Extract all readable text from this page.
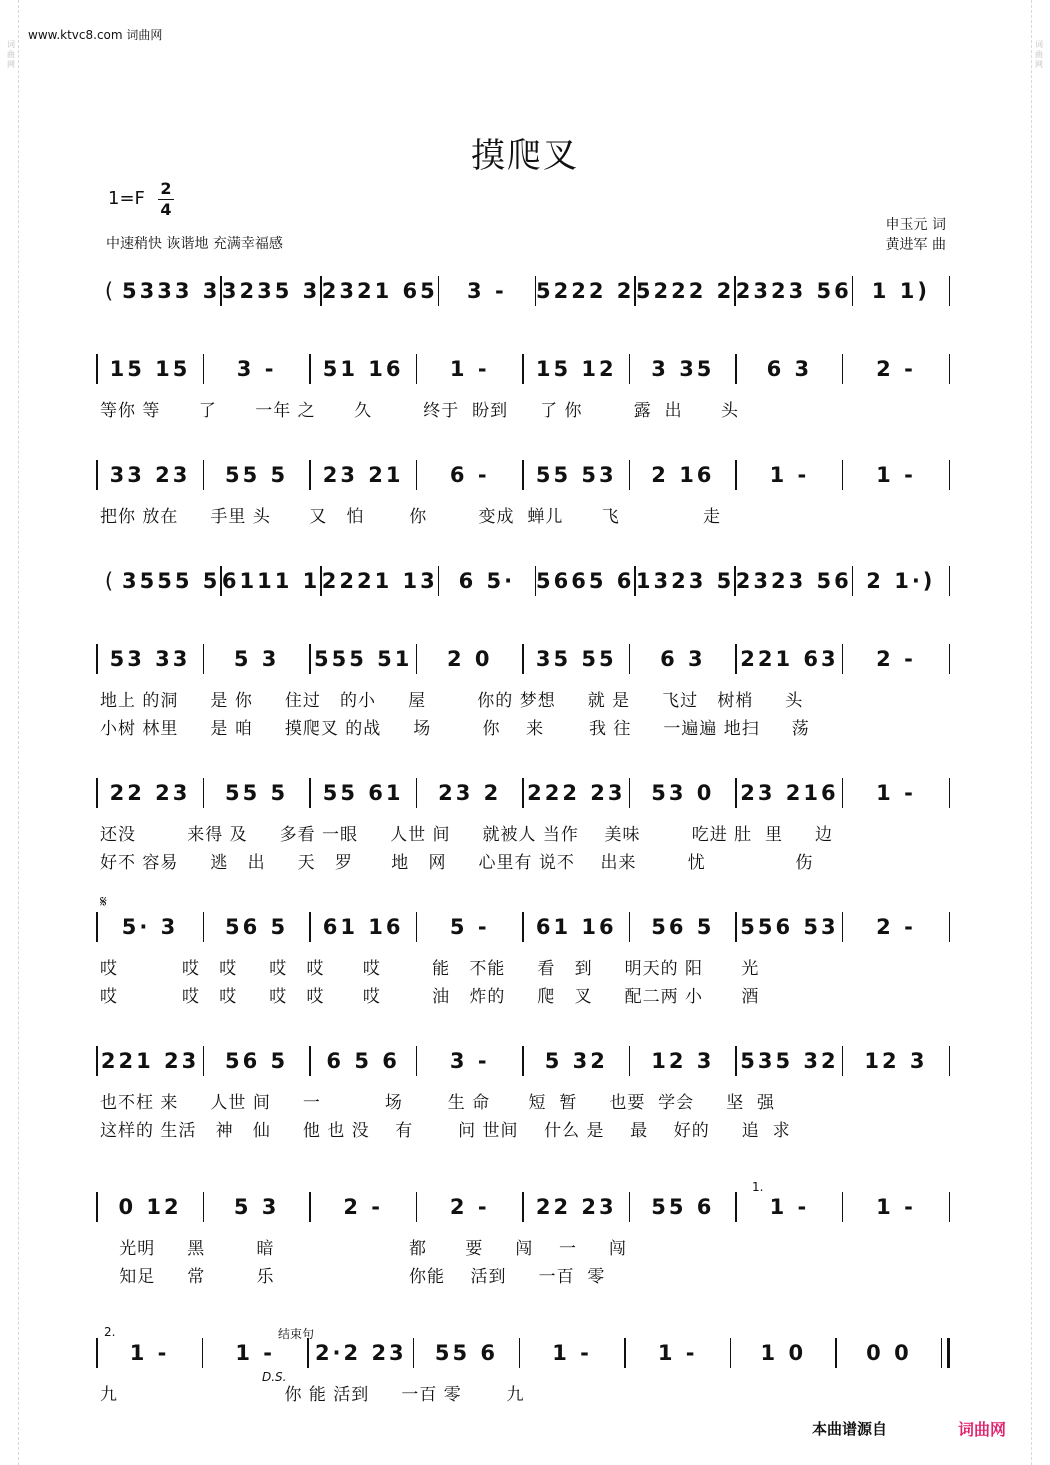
词曲网
词曲网
www.ktvc8.com 词曲网
摸爬叉
1=F 2
4
中速稍快 诙谐地 充满幸福感
申玉元 词
黄进军 曲
( 5333 3 3235 3 2321 65	3 -	5222 2 5222 2 2323 56 1 1)
15 15	3 -	51 16	1 -	15 12	3 35	6 3	2 -
等你 等      了      一年 之      久        终于  盼到     了 你        露  出      头
33 23	55 5	23 21	6 -	55 53	2 16	1 -	1 -
把你 放在     手里 头      又   怕       你        变成  蝉儿      飞             走
( 3555 5 6111 1 2221 13 6 5· 5665 6 1323 5 2323 56 2 1·)
53 33	5 3	555 51	2 0	35 55	6 3	221 63	2 -
地上 的洞     是 你     住过   的小     屋        你的 梦想     就 是     飞过   树梢     头
小树 林里     是 咱     摸爬叉 的战     场        你    来       我 往     一遍遍 地扫     荡
22 23	55 5	55 61	23 2	222 23	53 0	23 216	1 -
还没        来得 及     多看 一眼     人世 间     就被人 当作    美味        吃进 肚  里     边
好不 容易     逃   出     天   罗      地   网     心里有 说不    出来        忧              伤
5· 3	56 5	61 16	5 -	61 16	56 5	556 53	2 -
哎          哎   哎     哎   哎      哎        能   不能     看   到     明天的 阳      光
哎          哎   哎     哎   哎      哎        油   炸的     爬   叉     配二两 小      酒
221 23	56 5	6 5 6	3 -	5 32	12 3	535 32	12 3
也不枉 来     人世 间     一          场       生 命      短  暂     也要  学会     坚  强
这样的 生活   神   仙     他 也 没    有       问 世间    什么 是    最    好的     追  求
0 12	5 3	2 -	2 -	22 23	55 6	1 -	1 -
光明     黑        暗                     都      要     闯    一     闯
知足     常        乐                     你能    活到     一百  零
1 -	1 -	2·2 23	55 6	1 -	1 -	1 0	0 0
九                          你 能 活到     一百 零       九
1.
2.	结束句
D.S.
𝄋
本曲谱源自	词曲网
